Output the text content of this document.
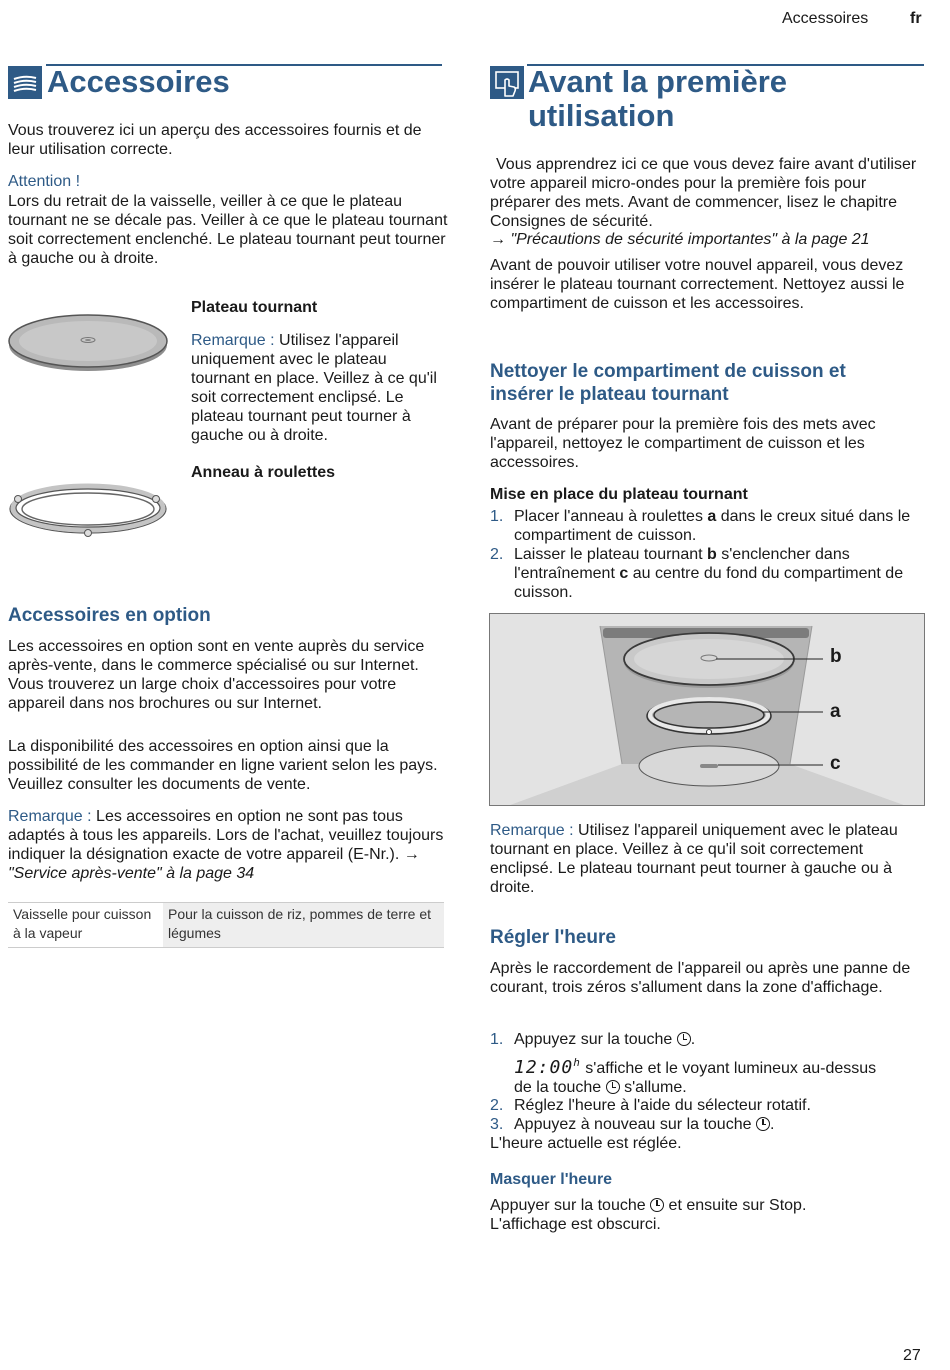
Accessoires	fr
Accessoires

Vous trouverez ici un aperçu des accessoires fournis et de leur utilisation correcte.

Attention !

Lors du retrait de la vaisselle, veiller à ce que le plateau tournant ne se décale pas. Veiller à ce que le plateau tournant soit correctement enclenché. Le plateau tournant peut tourner à gauche ou à droite.

Plateau tournant

Remarque : Utilisez l'appareil uniquement avec le plateau tournant en place. Veillez à ce qu'il soit correctement enclipsé. Le plateau tournant peut tourner à gauche ou à droite.

Anneau à roulettes
Accessoires en option

Les accessoires en option sont en vente auprès du service après-vente, dans le commerce spécialisé ou sur Internet. Vous trouverez un large choix d'accessoires pour votre appareil dans nos brochures ou sur Internet.

La disponibilité des accessoires en option ainsi que la possibilité de les commander en ligne varient selon les pays. Veuillez consulter les documents de vente.

Remarque : Les accessoires en option ne sont pas tous adaptés à tous les appareils. Lors de l'achat, veuillez toujours indiquer la désignation exacte de votre appareil (E-Nr.). → "Service après-vente" à la page 34

Vaisselle pour cuisson à la vapeur	Pour la cuisson de riz, pommes de terre et légumes
Avant la première
utilisation

Vous apprendrez ici ce que vous devez faire avant d'utiliser votre appareil micro-ondes pour la première fois pour préparer des mets. Avant de commencer, lisez le chapitre Consignes de sécurité.

→ "Précautions de sécurité importantes" à la page 21

Avant de pouvoir utiliser votre nouvel appareil, vous devez insérer le plateau tournant correctement. Nettoyez aussi le compartiment de cuisson et les accessoires.

Nettoyer le compartiment de cuisson et insérer le plateau tournant

Avant de préparer pour la première fois des mets avec l'appareil, nettoyez le compartiment de cuisson et les accessoires.

Mise en place du plateau tournant
1. Placer l'anneau à roulettes a dans le creux situé dans le compartiment de cuisson.

2. Laisser le plateau tournant b s'enclencher dans l'entraînement c au centre du fond du compartiment de cuisson.

b
a
c

Remarque : Utilisez l'appareil uniquement avec le plateau tournant en place. Veillez à ce qu'il soit correctement enclipsé. Le plateau tournant peut tourner à gauche ou à droite.

Régler l'heure

Après le raccordement de l'appareil ou après une panne de courant, trois zéros s'allument dans la zone d'affichage.

1. Appuyez sur la touche .

12:00$^h$ s'affiche et le voyant lumineux au-dessus
de la touche  s'allume.
2. Réglez l'heure à l'aide du sélecteur rotatif.

3. Appuyez à nouveau sur la touche .

L'heure actuelle est réglée.

Masquer l'heure

Appuyer sur la touche  et ensuite sur Stop.
L'affichage est obscurci.

27
